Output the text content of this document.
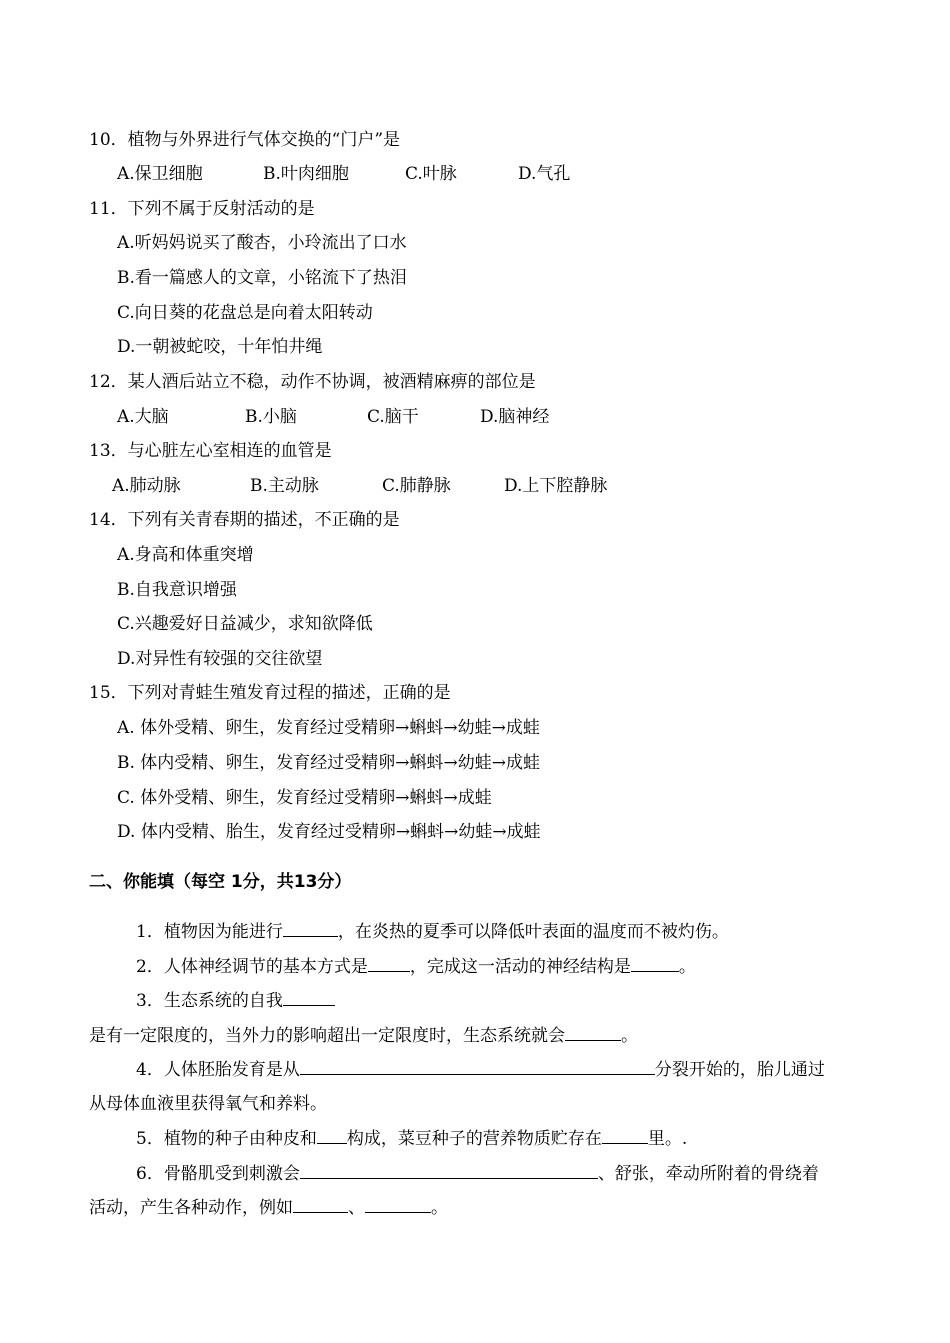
10．植物与外界进行气体交换的“门户”是
A.保卫细胞	B.叶肉细胞	C.叶脉	D.气孔
11．下列不属于反射活动的是
A.听妈妈说买了酸杏，小玲流出了口水
B.看一篇感人的文章，小铭流下了热泪
C.向日葵的花盘总是向着太阳转动
D.一朝被蛇咬，十年怕井绳
12．某人酒后站立不稳，动作不协调，被酒精麻痹的部位是
A.大脑	B.小脑	C.脑干	D.脑神经
13．与心脏左心室相连的血管是
A.肺动脉	B.主动脉	C.肺静脉	D.上下腔静脉
14．下列有关青春期的描述，不正确的是
A.身高和体重突增
B.自我意识增强
C.兴趣爱好日益减少，求知欲降低
D.对异性有较强的交往欲望
15．下列对青蛙生殖发育过程的描述，正确的是
A. 体外受精、卵生，发育经过受精卵→蝌蚪→幼蛙→成蛙
B. 体内受精、卵生，发育经过受精卵→蝌蚪→幼蛙→成蛙
C. 体外受精、卵生，发育经过受精卵→蝌蚪→成蛙
D. 体内受精、胎生，发育经过受精卵→蝌蚪→幼蛙→成蛙
二、你能填（每空 1分，共13分）
1．植物因为能进行	，在炎热的夏季可以降低叶表面的温度而不被灼伤。
2．人体神经调节的基本方式是 ，完成这一活动的神经结构是	。
3．生态系统的自我
是有一定限度的，当外力的影响超出一定限度时，生态系统就会	。
4．人体胚胎发育是从	分裂开始的，胎儿通过
从母体血液里获得氧气和养料。
5．植物的种子由种皮和 构成，菜豆种子的营养物质贮存在	里。.
6．骨骼肌受到刺激会	、舒张，牵动所附着的骨绕着
活动，产生各种动作，例如	、	。
